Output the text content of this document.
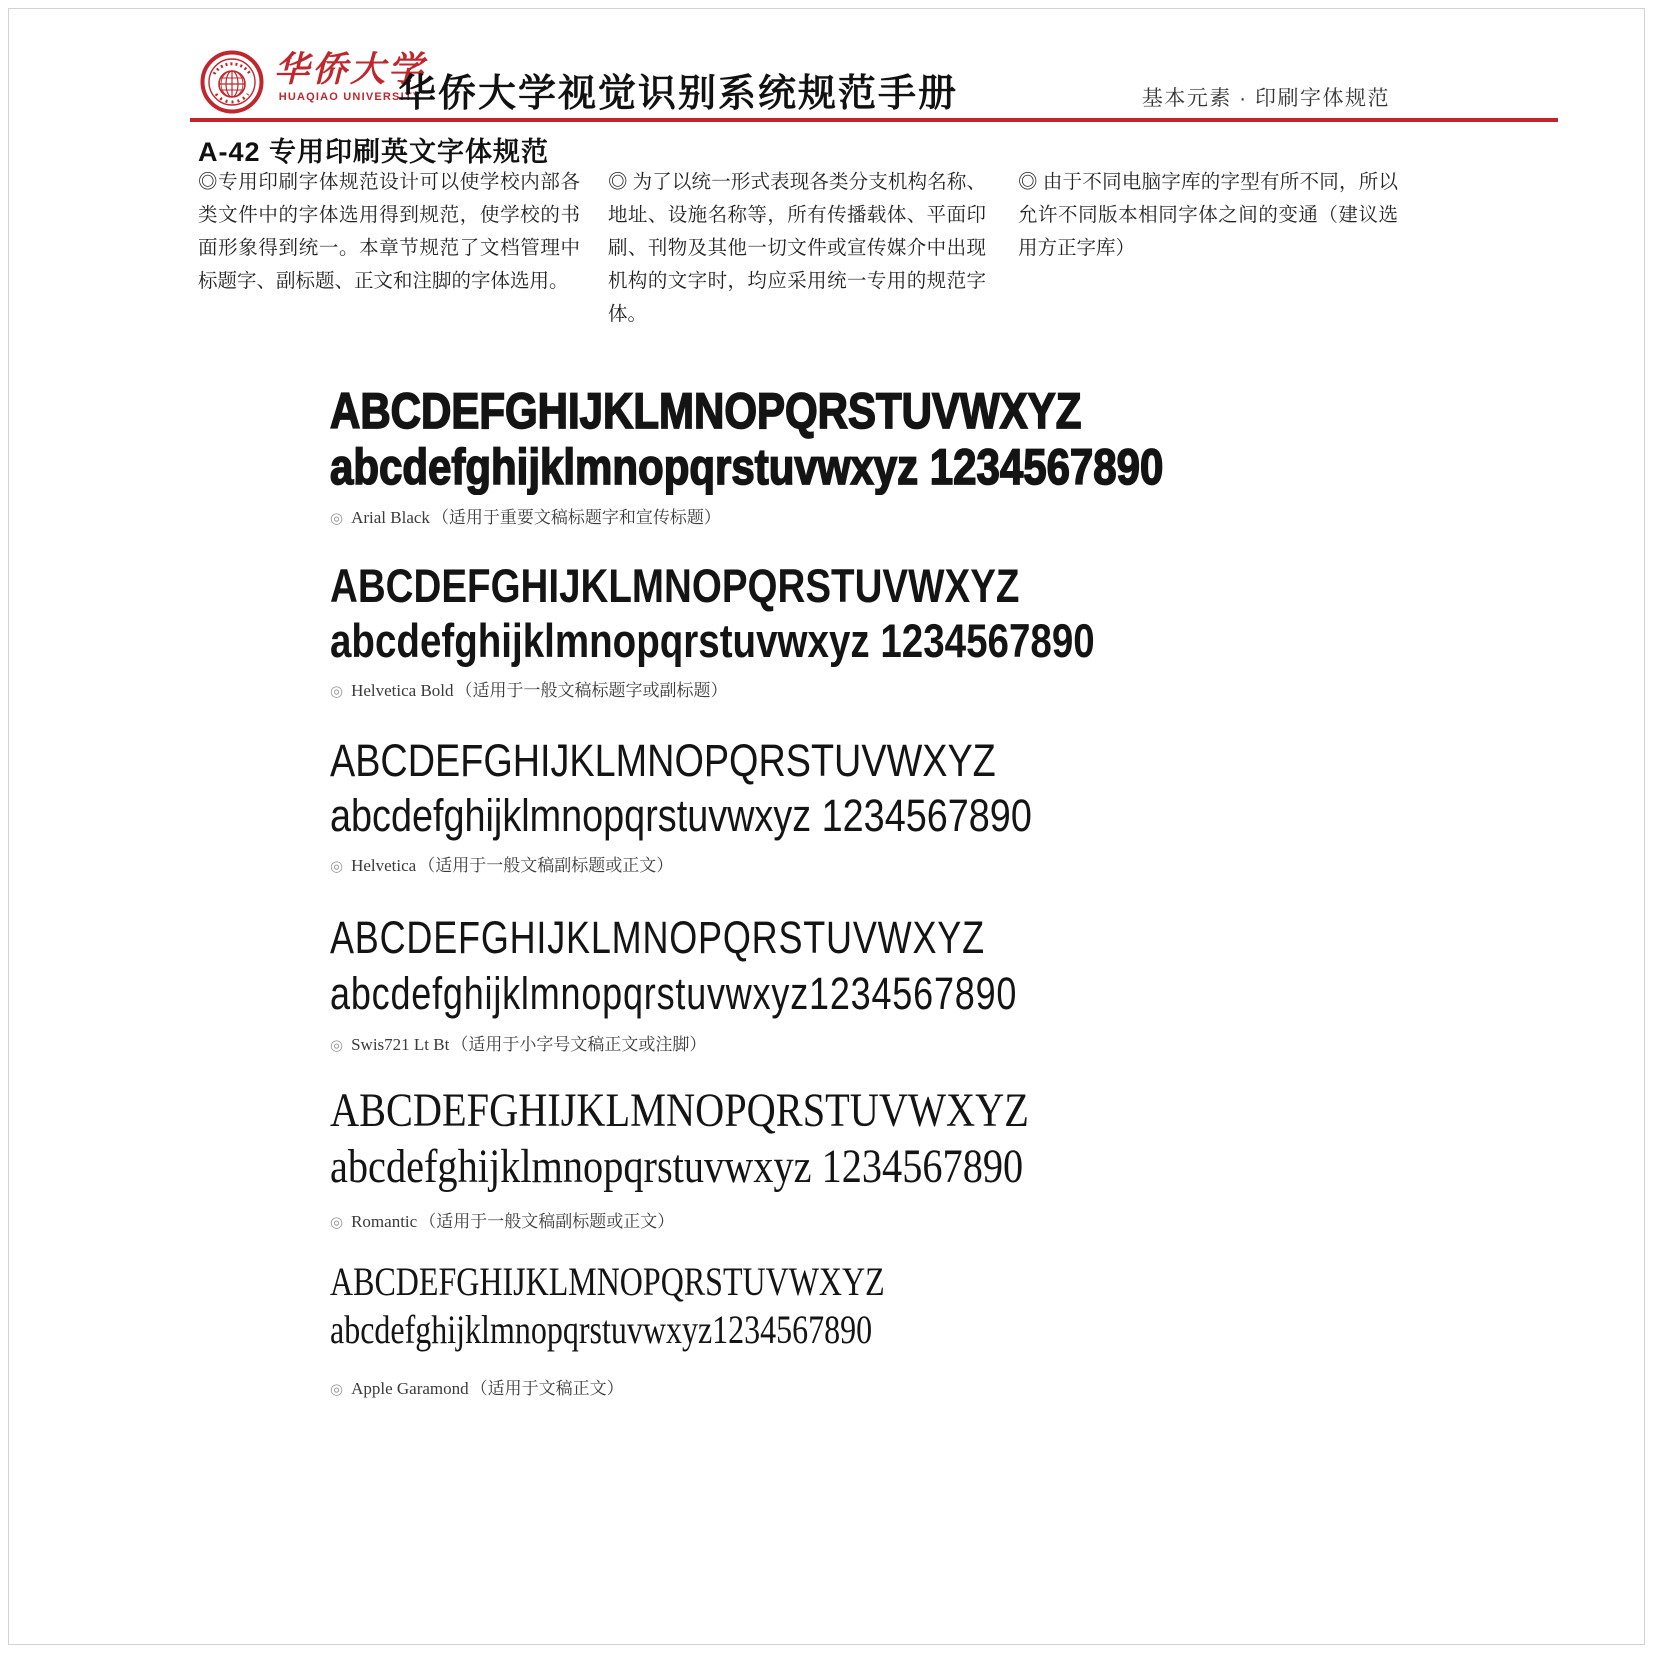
华侨大学
HUAQIAO UNIVERSITY
华侨大学视觉识别系统规范手册	基本元素 · 印刷字体规范
A-42 专用印刷英文字体规范

◎专用印刷字体规范设计可以使学校内部各类文件中的字体选用得到规范，使学校的书面形象得到统一。本章节规范了文档管理中标题字、副标题、正文和注脚的字体选用。

◎ 为了以统一形式表现各类分支机构名称、地址、设施名称等，所有传播载体、平面印刷、刊物及其他一切文件或宣传媒介中出现机构的文字时，均应采用统一专用的规范字体。

◎ 由于不同电脑字库的字型有所不同，所以允许不同版本相同字体之间的变通（建议选用方正字库）

ABCDEFGHIJKLMNOPQRSTUVWXYZ
abcdefghijklmnopqrstuvwxyz 1234567890
◎ Arial Black （适用于重要文稿标题字和宣传标题）
ABCDEFGHIJKLMNOPQRSTUVWXYZ
abcdefghijklmnopqrstuvwxyz 1234567890
◎ Helvetica Bold （适用于一般文稿标题字或副标题）
ABCDEFGHIJKLMNOPQRSTUVWXYZ
abcdefghijklmnopqrstuvwxyz 1234567890
◎ Helvetica （适用于一般文稿副标题或正文）
ABCDEFGHIJKLMNOPQRSTUVWXYZ
abcdefghijklmnopqrstuvwxyz1234567890
◎ Swis721 Lt Bt （适用于小字号文稿正文或注脚）
ABCDEFGHIJKLMNOPQRSTUVWXYZ
abcdefghijklmnopqrstuvwxyz 1234567890
◎ Romantic （适用于一般文稿副标题或正文）
ABCDEFGHIJKLMNOPQRSTUVWXYZ
abcdefghijklmnopqrstuvwxyz1234567890
◎ Apple Garamond （适用于文稿正文）
